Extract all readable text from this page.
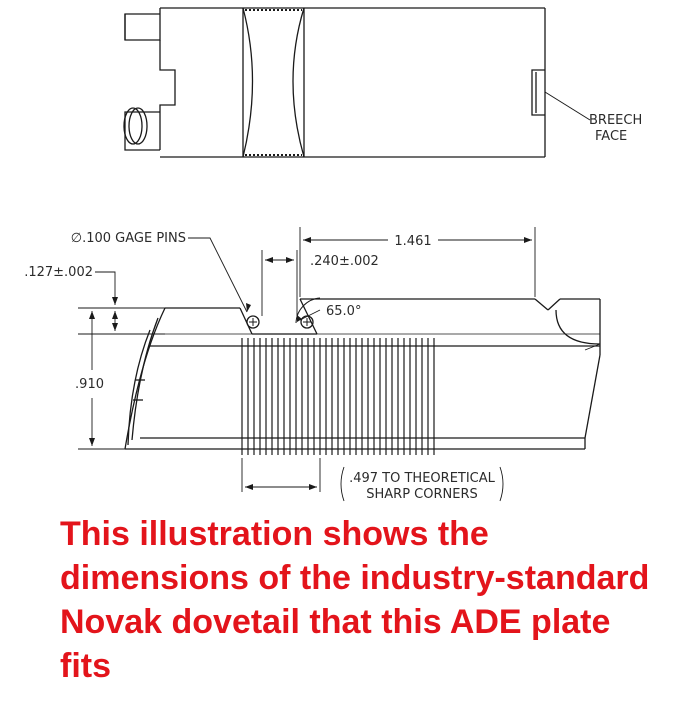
BREECH
FACE
∅.100 GAGE PINS	1.461
.127±.002
.240±.002
65.0°
.910
.497 TO THEORETICAL
SHARP CORNERS

This illustration shows the dimensions of the industry-standard Novak dovetail that this ADE plate fits
